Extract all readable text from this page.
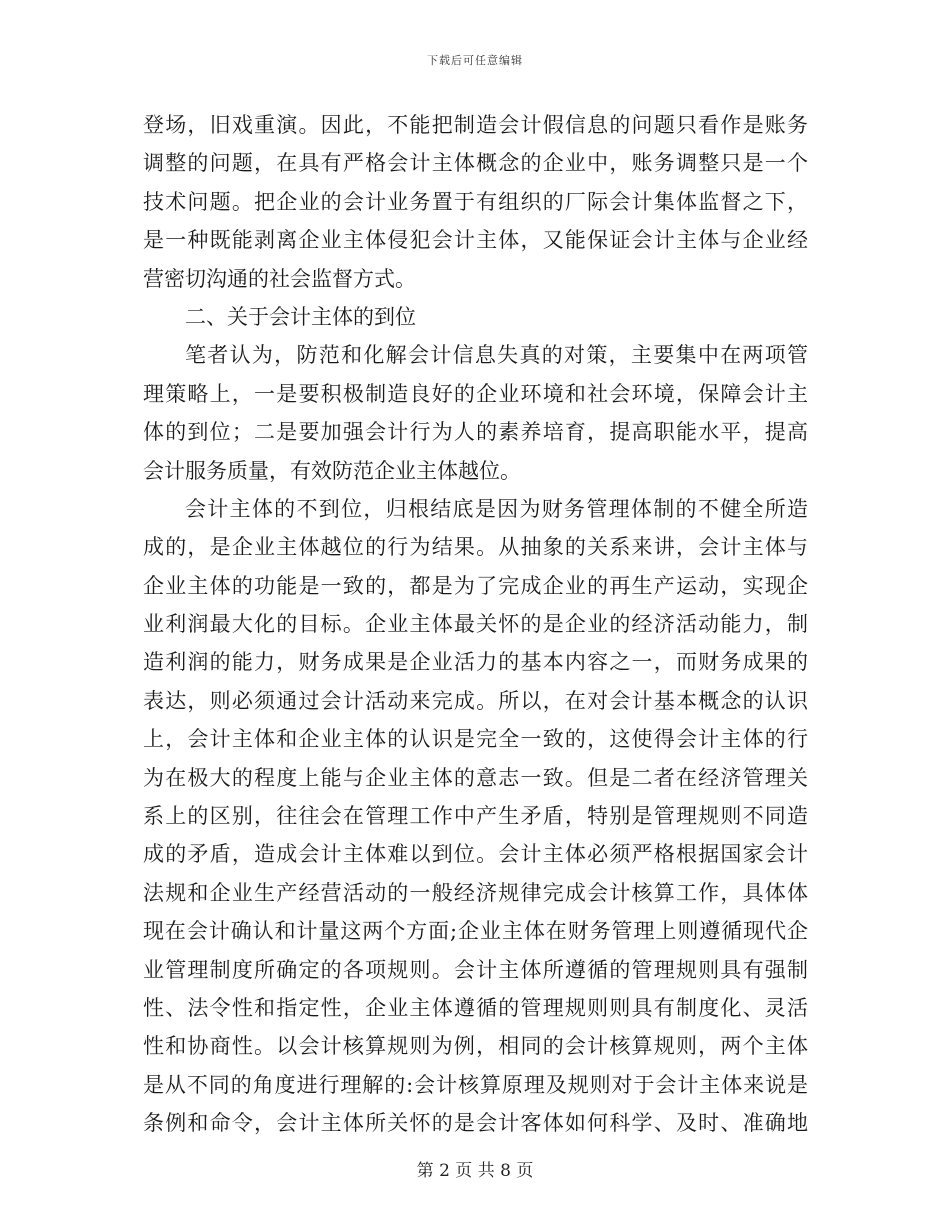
下载后可任意编辑
登场，旧戏重演。因此，不能把制造会计假信息的问题只看作是账务
调整的问题，在具有严格会计主体概念的企业中，账务调整只是一个
技术问题。把企业的会计业务置于有组织的厂际会计集体监督之下，
是一种既能剥离企业主体侵犯会计主体，又能保证会计主体与企业经
营密切沟通的社会监督方式。
二、关于会计主体的到位
笔者认为，防范和化解会计信息失真的对策，主要集中在两项管
理策略上，一是要积极制造良好的企业环境和社会环境，保障会计主
体的到位；二是要加强会计行为人的素养培育，提高职能水平，提高
会计服务质量，有效防范企业主体越位。
会计主体的不到位，归根结底是因为财务管理体制的不健全所造
成的，是企业主体越位的行为结果。从抽象的关系来讲，会计主体与
企业主体的功能是一致的，都是为了完成企业的再生产运动，实现企
业利润最大化的目标。企业主体最关怀的是企业的经济活动能力，制
造利润的能力，财务成果是企业活力的基本内容之一，而财务成果的
表达，则必须通过会计活动来完成。所以，在对会计基本概念的认识
上，会计主体和企业主体的认识是完全一致的，这使得会计主体的行
为在极大的程度上能与企业主体的意志一致。但是二者在经济管理关
系上的区别，往往会在管理工作中产生矛盾，特别是管理规则不同造
成的矛盾，造成会计主体难以到位。会计主体必须严格根据国家会计
法规和企业生产经营活动的一般经济规律完成会计核算工作，具体体
现在会计确认和计量这两个方面;企业主体在财务管理上则遵循现代企
业管理制度所确定的各项规则。会计主体所遵循的管理规则具有强制
性、法令性和指定性，企业主体遵循的管理规则则具有制度化、灵活
性和协商性。以会计核算规则为例，相同的会计核算规则，两个主体
是从不同的角度进行理解的:会计核算原理及规则对于会计主体来说是
条例和命令，会计主体所关怀的是会计客体如何科学、及时、准确地
第 2 页 共 8 页
